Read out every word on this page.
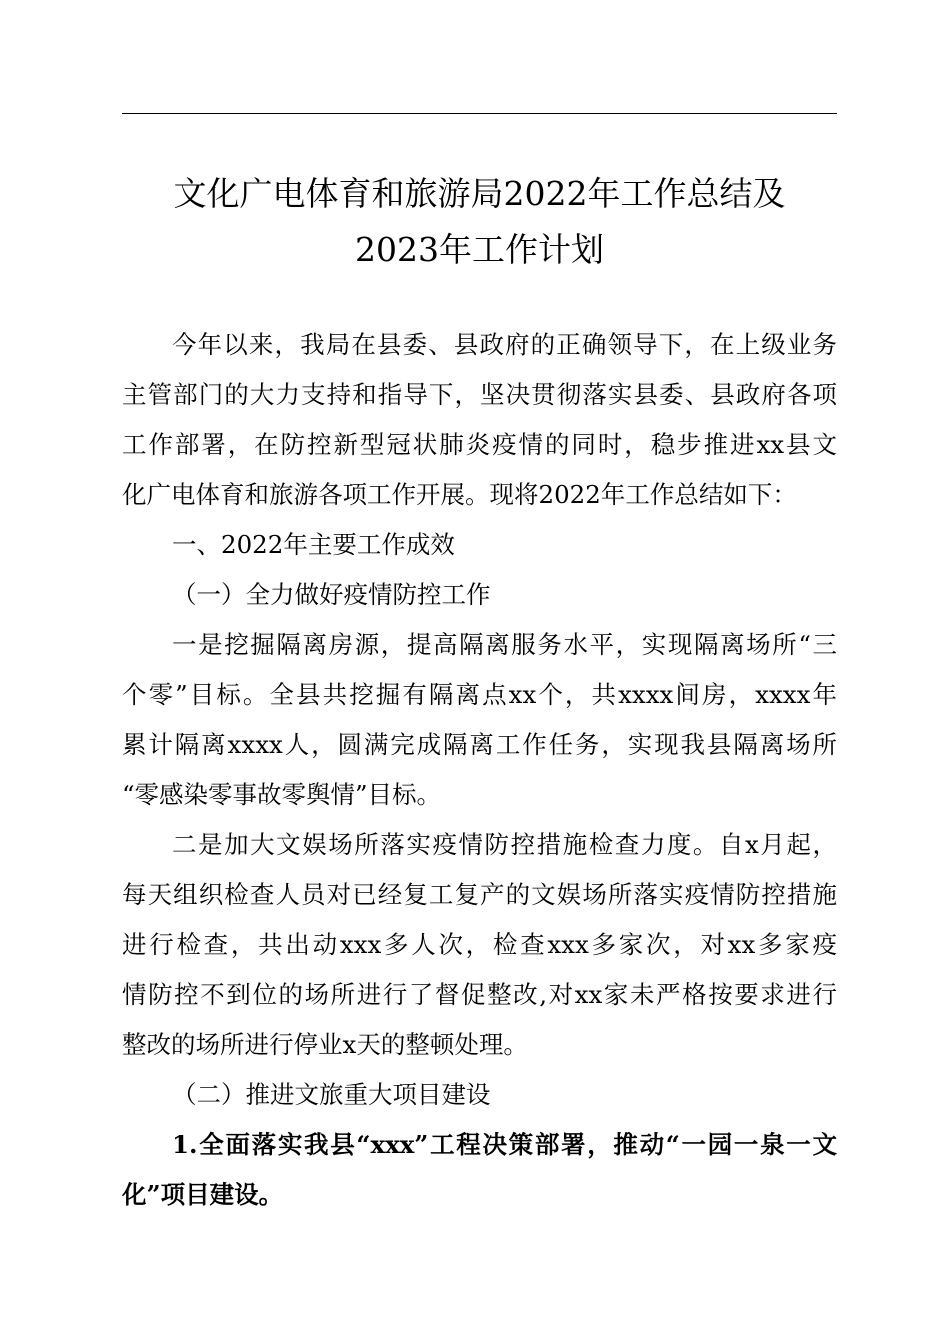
文化广电体育和旅游局2022年工作总结及
2023年工作计划

今年以来，我局在县委、县政府的正确领导下，在上级业务
主管部门的大力支持和指导下，坚决贯彻落实县委、县政府各项
工作部署，在防控新型冠状肺炎疫情的同时，稳步推进xx县文
化广电体育和旅游各项工作开展。现将2022年工作总结如下：

一、2022年主要工作成效

（一）全力做好疫情防控工作

一是挖掘隔离房源，提高隔离服务水平，实现隔离场所“三
个零”目标。全县共挖掘有隔离点xx个，共xxxx间房，xxxx年
累计隔离xxxx人，圆满完成隔离工作任务，实现我县隔离场所
“零感染零事故零舆情”目标。

二是加大文娱场所落实疫情防控措施检查力度。自x月起，
每天组织检查人员对已经复工复产的文娱场所落实疫情防控措施
进行检查，共出动xxx多人次，检查xxx多家次，对xx多家疫
情防控不到位的场所进行了督促整改,对xx家未严格按要求进行
整改的场所进行停业x天的整顿处理。

（二）推进文旅重大项目建设

1.全面落实我县“xxx”工程决策部署，推动“一园一泉一文
化”项目建设。
